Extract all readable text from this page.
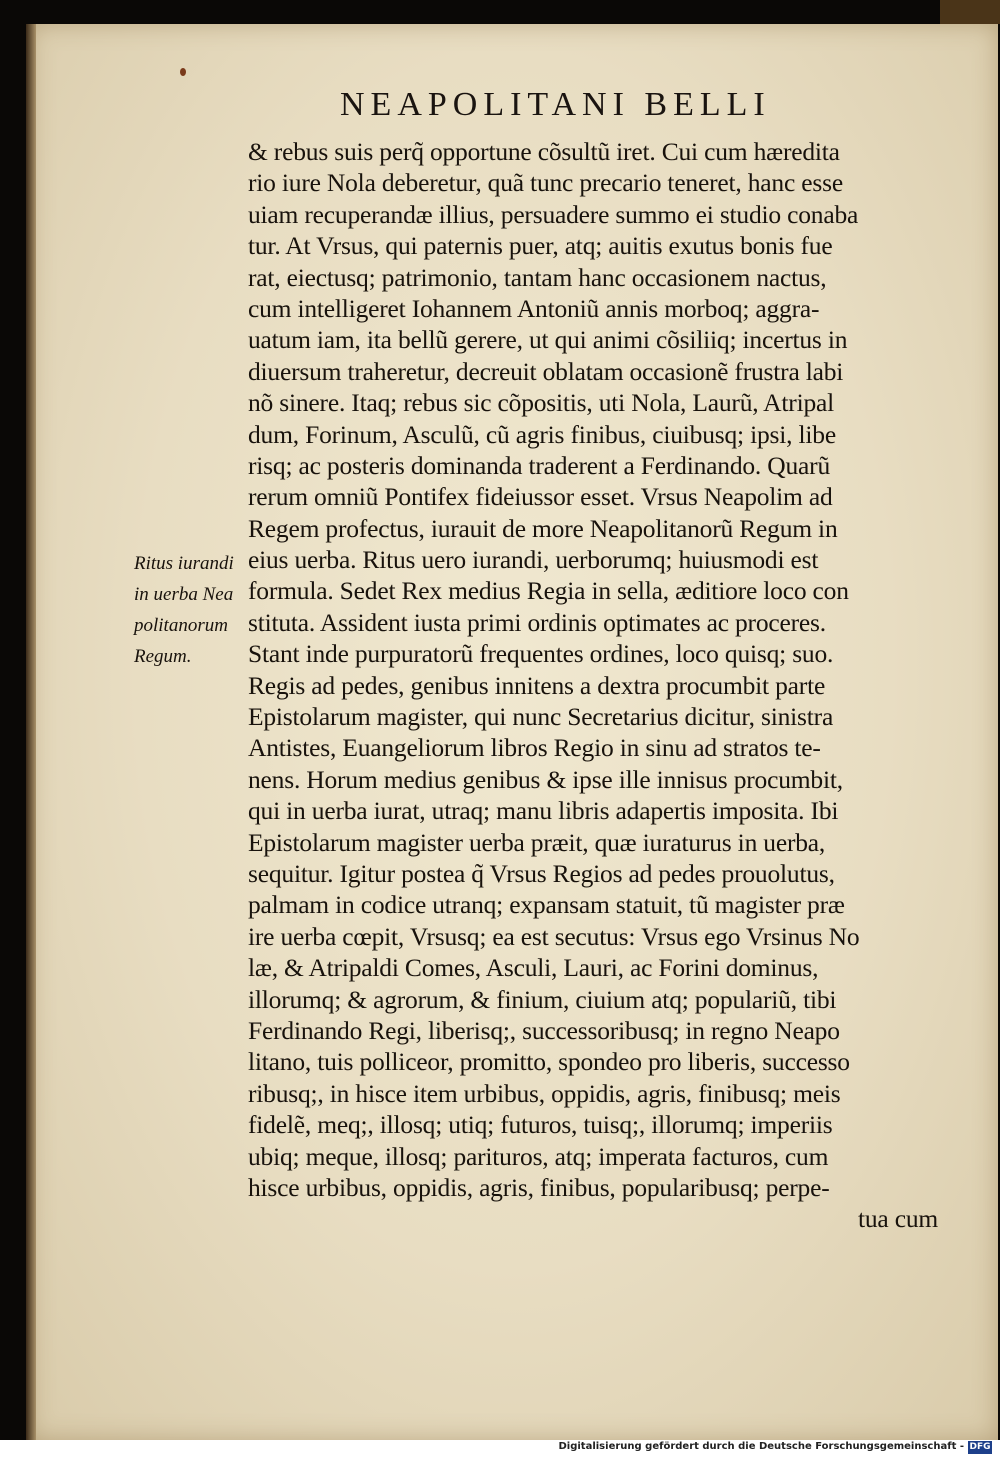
NEAPOLITANI BELLI
Ritus iurandi
in uerba Nea
politanorum
Regum.
& rebus suis perq̃ opportune cõsultũ iret. Cui cum hæredita
rio iure Nola deberetur, quã tunc precario teneret, hanc esse
uiam recuperandæ illius, persuadere summo ei studio conaba
tur. At Vrsus, qui paternis puer, atq; auitis exutus bonis fue
rat, eiectusq; patrimonio, tantam hanc occasionem nactus,
cum intelligeret Iohannem Antoniũ annis morboq; aggra-
uatum iam, ita bellũ gerere, ut qui animi cõsiliiq; incertus in
diuersum traheretur, decreuit oblatam occasionẽ frustra labi
nõ sinere. Itaq; rebus sic cõpositis, uti Nola, Laurũ, Atripal
dum, Forinum, Asculũ, cũ agris finibus, ciuibusq; ipsi, libe
risq; ac posteris dominanda traderent a Ferdinando. Quarũ
rerum omniũ Pontifex fideiussor esset. Vrsus Neapolim ad
Regem profectus, iurauit de more Neapolitanorũ Regum in
eius uerba. Ritus uero iurandi, uerborumq; huiusmodi est
formula. Sedet Rex medius Regia in sella, æditiore loco con
stituta. Assident iusta primi ordinis optimates ac proceres.
Stant inde purpuratorũ frequentes ordines, loco quisq; suo.
Regis ad pedes, genibus innitens a dextra procumbit parte
Epistolarum magister, qui nunc Secretarius dicitur, sinistra
Antistes, Euangeliorum libros Regio in sinu ad stratos te-
nens. Horum medius genibus & ipse ille innisus procumbit,
qui in uerba iurat, utraq; manu libris adapertis imposita. Ibi
Epistolarum magister uerba præit, quæ iuraturus in uerba,
sequitur. Igitur postea q̃ Vrsus Regios ad pedes prouolutus,
palmam in codice utranq; expansam statuit, tũ magister præ
ire uerba cœpit, Vrsusq; ea est secutus: Vrsus ego Vrsinus No
læ, & Atripaldi Comes, Asculi, Lauri, ac Forini dominus,
illorumq; & agrorum, & finium, ciuium atq; populariũ, tibi
Ferdinando Regi, liberisq;, successoribusq; in regno Neapo
litano, tuis polliceor, promitto, spondeo pro liberis, successo
ribusq;, in hisce item urbibus, oppidis, agris, finibusq; meis
fidelẽ, meq;, illosq; utiq; futuros, tuisq;, illorumq; imperiis
ubiq; meque, illosq; parituros, atq; imperata facturos, cum
hisce urbibus, oppidis, agris, finibus, popularibusq; perpe-
tua cum
Digitalisierung gefördert durch die Deutsche Forschungsgemeinschaft - DFG
